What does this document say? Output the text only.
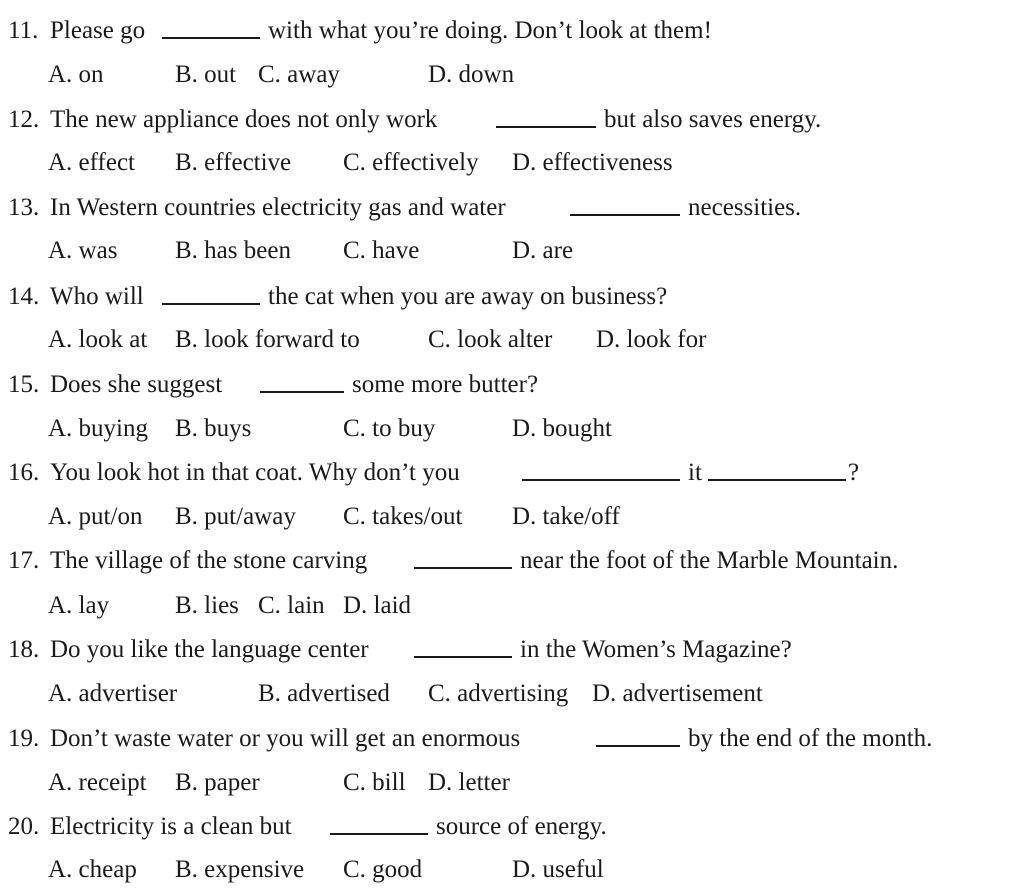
11. Please go	with what you’re doing. Don’t look at them!
A. on	B. out C. away	D. down
12. The new appliance does not only work	but also saves energy.
A. effect B. effective C. effectively D. effectiveness
13. In Western countries electricity gas and water	necessities.
A. was B. has been C. have	D. are
14. Who will	the cat when you are away on business?
A. look at B. look forward to	C. look alter D. look for
15. Does she suggest	some more butter?
A. buying B. buys	C. to buy	D. bought
16. You look hot in that coat. Why don’t you	it	?
A. put/on B. put/away C. takes/out D. take/off
17. The village of the stone carving	near the foot of the Marble Mountain.
A. lay	B. lies C. lain D. laid
18. Do you like the language center	in the Women’s Magazine?
A. advertiser	B. advertised C. advertising D. advertisement
19. Don’t waste water or you will get an enormous	by the end of the month.
A. receipt B. paper	C. bill D. letter
20. Electricity is a clean but	source of energy.
A. cheap B. expensive C. good	D. useful
